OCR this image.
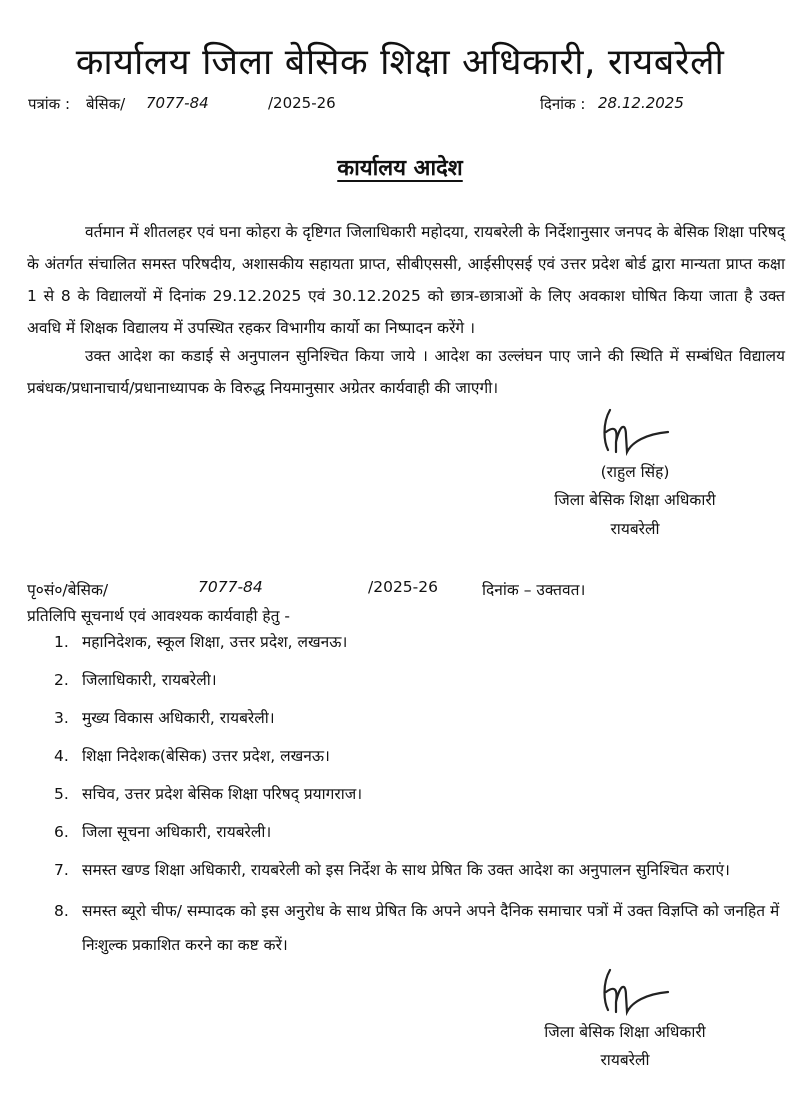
कार्यालय जिला बेसिक शिक्षा अधिकारी, रायबरेली
पत्रांक : बेसिक/ 7077-84	/2025-26	दिनांक : 28.12.2025
कार्यालय आदेश
वर्तमान में शीतलहर एवं घना कोहरा के दृष्टिगत जिलाधिकारी महोदया, रायबरेली के निर्देशानुसार जनपद के बेसिक शिक्षा परिषद् के अंतर्गत संचालित समस्त परिषदीय, अशासकीय सहायता प्राप्त, सीबीएससी, आईसीएसई एवं उत्तर प्रदेश बोर्ड द्वारा मान्यता प्राप्त कक्षा 1 से 8 के विद्यालयों में दिनांक 29.12.2025 एवं 30.12.2025 को छात्र-छात्राओं के लिए अवकाश घोषित किया जाता है उक्त अवधि में शिक्षक विद्यालय में उपस्थित रहकर विभागीय कार्यो का निष्पादन करेंगे ।
उक्त आदेश का कडाई से अनुपालन सुनिश्चित किया जाये । आदेश का उल्लंघन पाए जाने की स्थिति में सम्बंधित विद्यालय प्रबंधक/प्रधानाचार्य/प्रधानाध्यापक के विरुद्ध नियमानुसार अग्रेतर कार्यवाही की जाएगी।
(राहुल सिंह)
जिला बेसिक शिक्षा अधिकारी
रायबरेली
पृ०सं०/बेसिक/	7077-84	/2025-26	दिनांक – उक्तवत।
प्रतिलिपि सूचनार्थ एवं आवश्यक कार्यवाही हेतु -
1. महानिदेशक, स्कूल शिक्षा, उत्तर प्रदेश, लखनऊ।
2. जिलाधिकारी, रायबरेली।
3. मुख्य विकास अधिकारी, रायबरेली।
4. शिक्षा निदेशक(बेसिक) उत्तर प्रदेश, लखनऊ।
5. सचिव, उत्तर प्रदेश बेसिक शिक्षा परिषद् प्रयागराज।
6. जिला सूचना अधिकारी, रायबरेली।
7. समस्त खण्ड शिक्षा अधिकारी, रायबरेली को इस निर्देश के साथ प्रेषित कि उक्त आदेश का अनुपालन सुनिश्चित कराएं।
8. समस्त ब्यूरो चीफ/ सम्पादक को इस अनुरोध के साथ प्रेषित कि अपने अपने दैनिक समाचार पत्रों में उक्त विज्ञप्ति को जनहित में निःशुल्क प्रकाशित करने का कष्ट करें।
जिला बेसिक शिक्षा अधिकारी
रायबरेली
